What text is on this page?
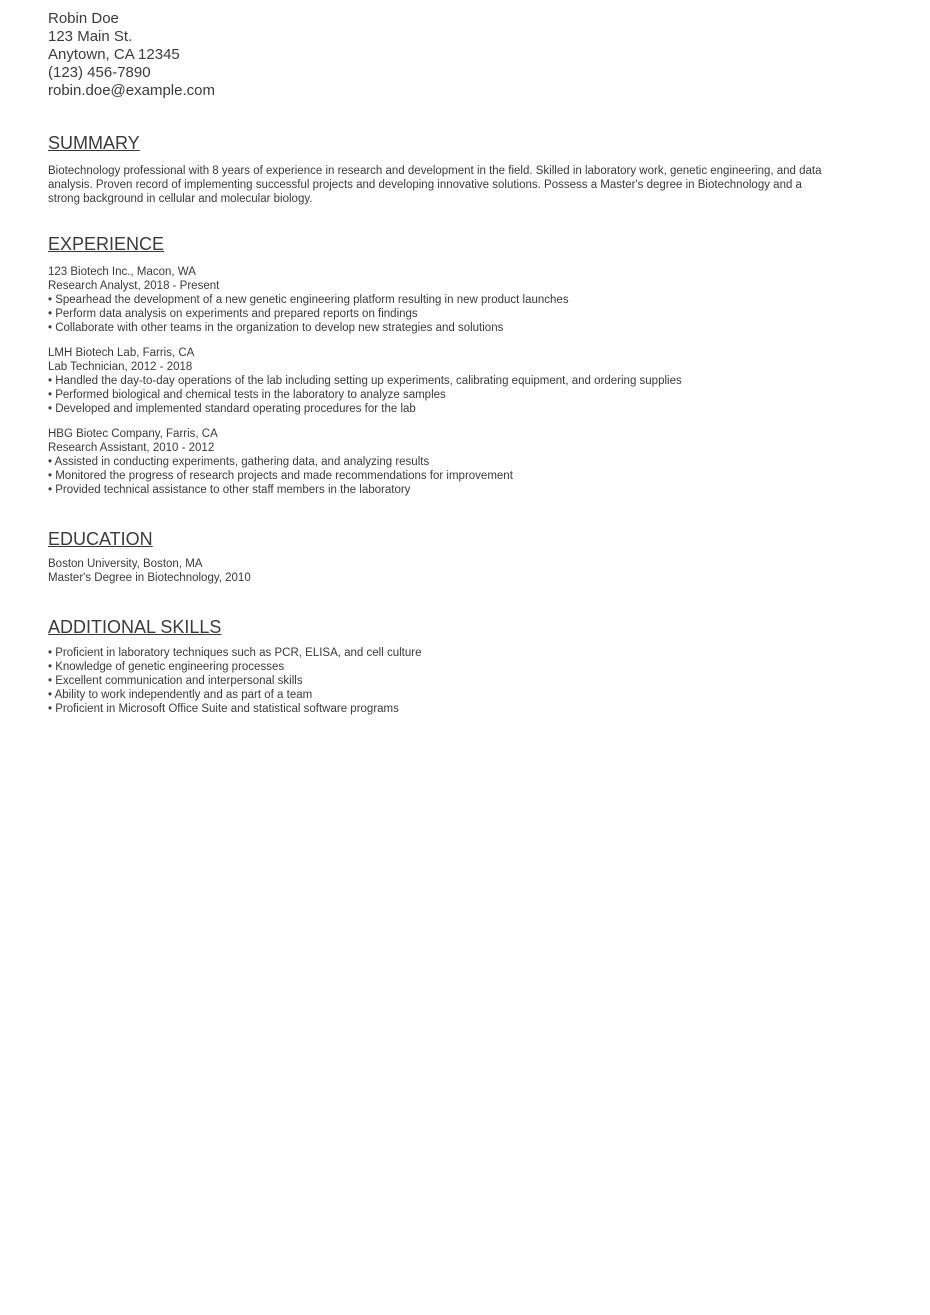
Robin Doe
123 Main St.
Anytown, CA 12345
(123) 456-7890
robin.doe@example.com
SUMMARY
Biotechnology professional with 8 years of experience in research and development in the field. Skilled in laboratory work, genetic engineering, and data analysis. Proven record of implementing successful projects and developing innovative solutions. Possess a Master's degree in Biotechnology and a strong background in cellular and molecular biology.
EXPERIENCE
123 Biotech Inc., Macon, WA
Research Analyst, 2018 - Present
• Spearhead the development of a new genetic engineering platform resulting in new product launches
• Perform data analysis on experiments and prepared reports on findings
• Collaborate with other teams in the organization to develop new strategies and solutions
LMH Biotech Lab, Farris, CA
Lab Technician, 2012 - 2018
• Handled the day-to-day operations of the lab including setting up experiments, calibrating equipment, and ordering supplies
• Performed biological and chemical tests in the laboratory to analyze samples
• Developed and implemented standard operating procedures for the lab
HBG Biotec Company, Farris, CA
Research Assistant, 2010 - 2012
• Assisted in conducting experiments, gathering data, and analyzing results
• Monitored the progress of research projects and made recommendations for improvement
• Provided technical assistance to other staff members in the laboratory
EDUCATION
Boston University, Boston, MA
Master's Degree in Biotechnology, 2010
ADDITIONAL SKILLS
• Proficient in laboratory techniques such as PCR, ELISA, and cell culture
• Knowledge of genetic engineering processes
• Excellent communication and interpersonal skills
• Ability to work independently and as part of a team
• Proficient in Microsoft Office Suite and statistical software programs
